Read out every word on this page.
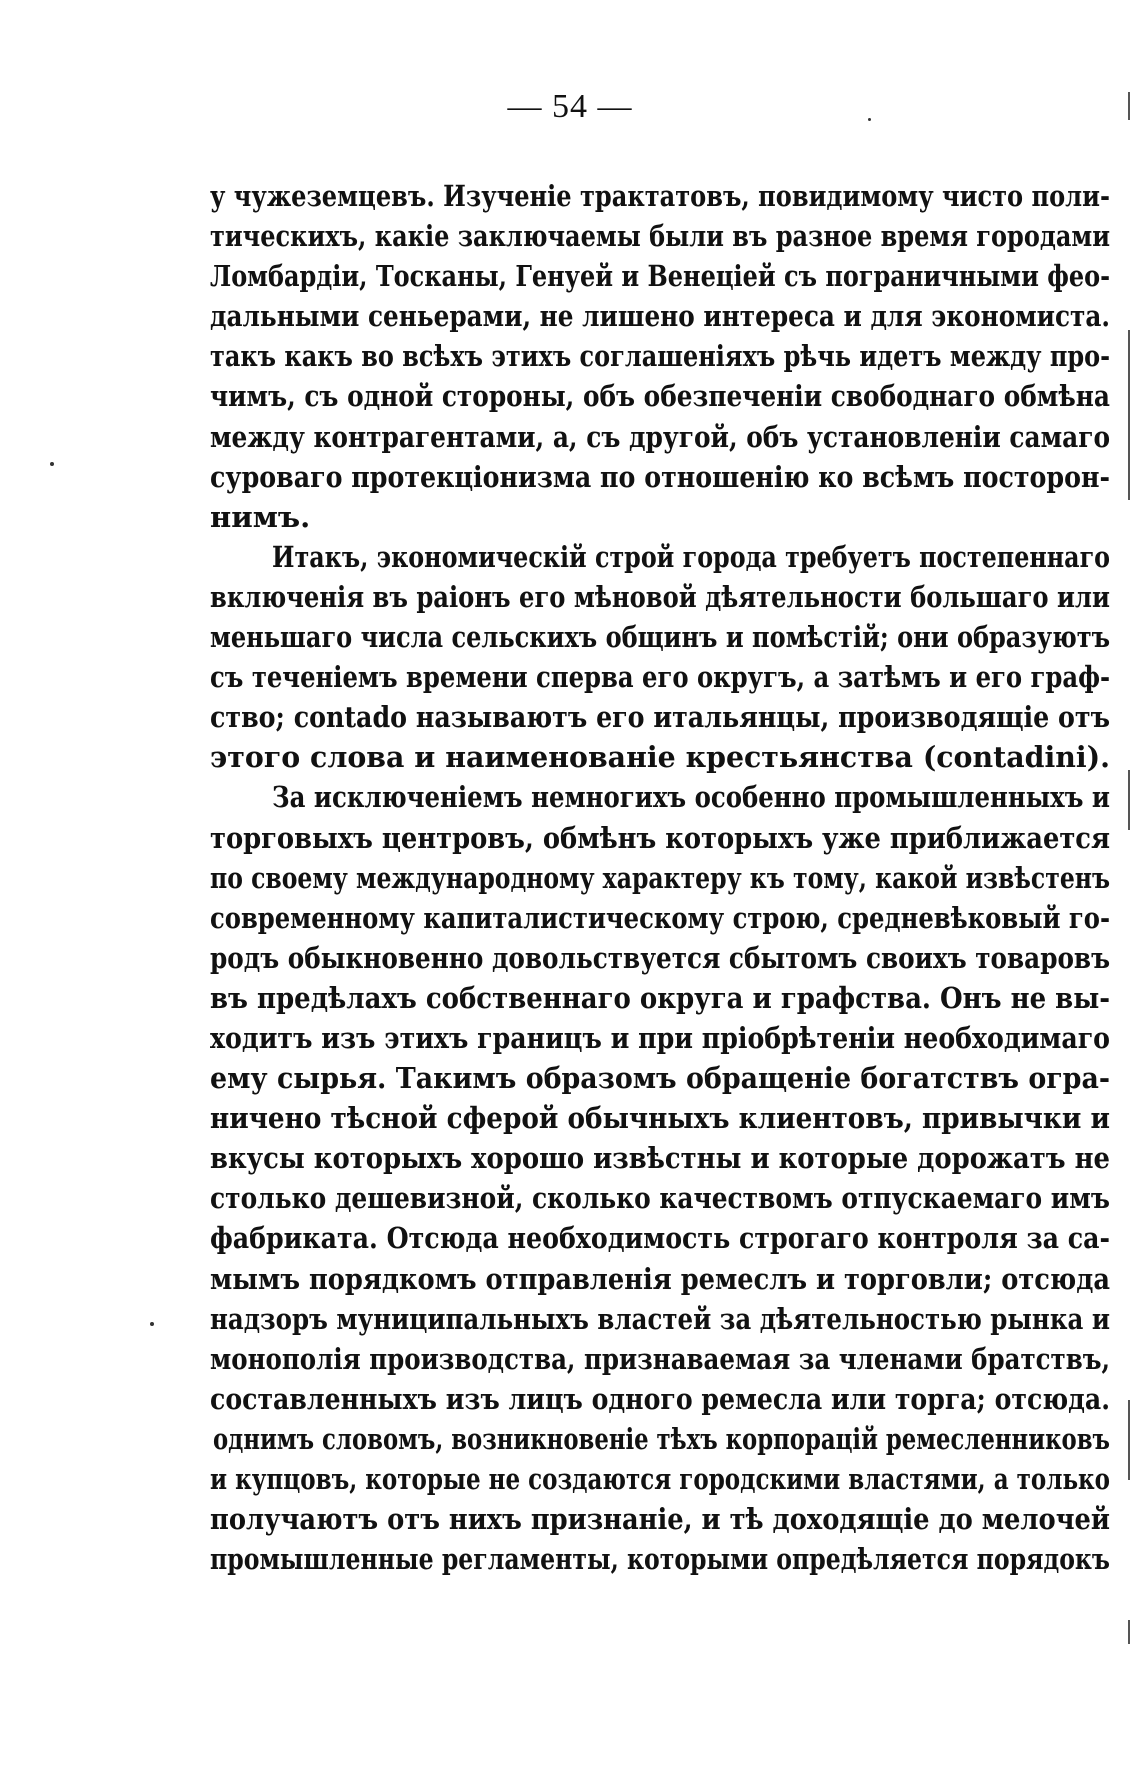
— 54 —
у чужеземцевъ. Изученіе трактатовъ, повидимому чисто поли-
тическихъ, какіе заключаемы были въ разное время городами
Ломбардіи, Тосканы, Генуей и Венеціей съ пограничными фео-
дальными сеньерами, не лишено интереса и для экономиста.
такъ какъ во всѣхъ этихъ соглашеніяхъ рѣчь идетъ между про-
чимъ, съ одной стороны, объ обезпеченіи свободнаго обмѣна
между контрагентами, а, съ другой, объ установленіи самаго
суроваго протекціонизма по отношенію ко всѣмъ посторон-
нимъ.
Итакъ, экономическій строй города требуетъ постепеннаго
включенія въ раіонъ его мѣновой дѣятельности большаго или
меньшаго числа сельскихъ общинъ и помѣстій; они образуютъ
съ теченіемъ времени сперва его округъ, а затѣмъ и его граф-
ство; contado называютъ его итальянцы, производящіе отъ
этого слова и наименованіе крестьянства (contadini).
За исключеніемъ немногихъ особенно промышленныхъ и
торговыхъ центровъ, обмѣнъ которыхъ уже приближается
по своему международному характеру къ тому, какой извѣстенъ
современному капиталистическому строю, средневѣковый го-
родъ обыкновенно довольствуется сбытомъ своихъ товаровъ
въ предѣлахъ собственнаго округа и графства. Онъ не вы-
ходитъ изъ этихъ границъ и при пріобрѣтеніи необходимаго
ему сырья. Такимъ образомъ обращеніе богатствъ огра-
ничено тѣсной сферой обычныхъ клиентовъ, привычки и
вкусы которыхъ хорошо извѣстны и которые дорожатъ не
столько дешевизной, сколько качествомъ отпускаемаго имъ
фабриката. Отсюда необходимость строгаго контроля за са-
мымъ порядкомъ отправленія ремеслъ и торговли; отсюда
надзоръ муниципальныхъ властей за дѣятельностью рынка и
монополія производства, признаваемая за членами братствъ,
составленныхъ изъ лицъ одного ремесла или торга; отсюда.
однимъ словомъ, возникновеніе тѣхъ корпорацій ремесленниковъ
и купцовъ, которые не создаются городскими властями, а только
получаютъ отъ нихъ признаніе, и тѣ доходящіе до мелочей
промышленные регламенты, которыми опредѣляется порядокъ
